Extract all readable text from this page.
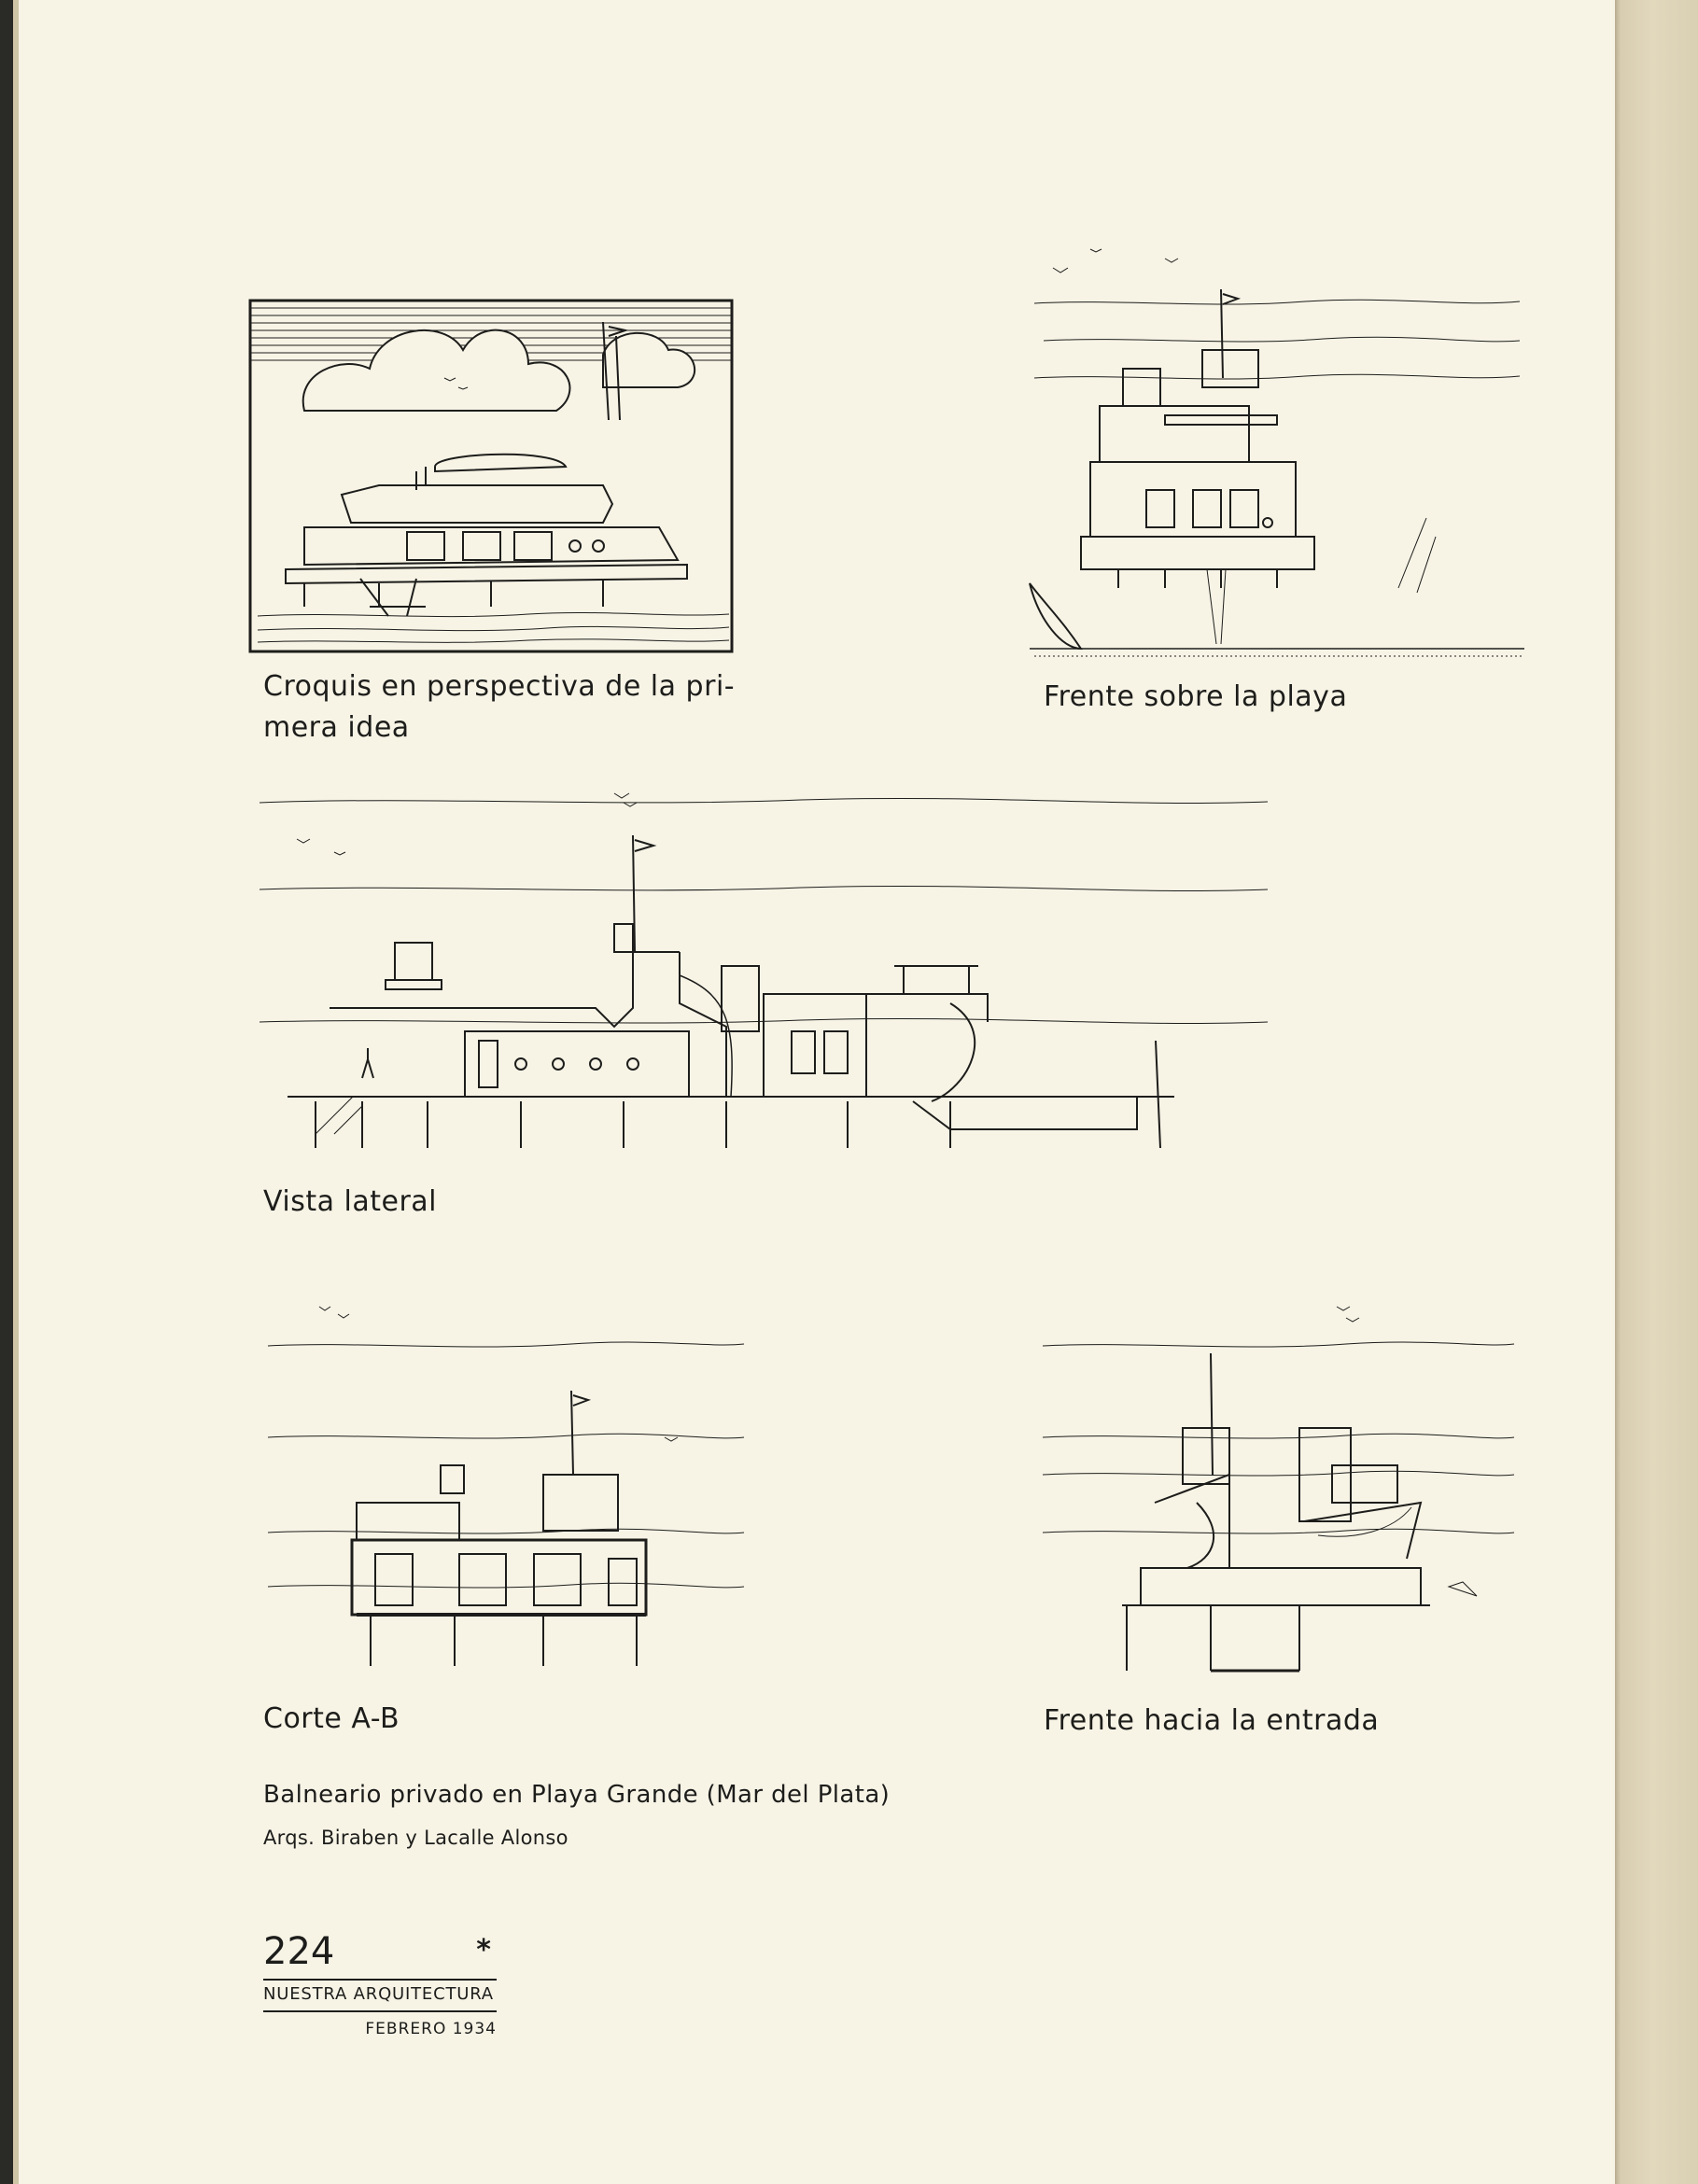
Croquis en perspectiva de la pri- mera idea
Frente sobre la playa
Vista lateral
Corte A-B	Frente hacia la entrada
Balneario privado en Playa Grande (Mar del Plata)
Arqs. Biraben y Lacalle Alonso
224	*
NUESTRA ARQUITECTURA
FEBRERO 1934
